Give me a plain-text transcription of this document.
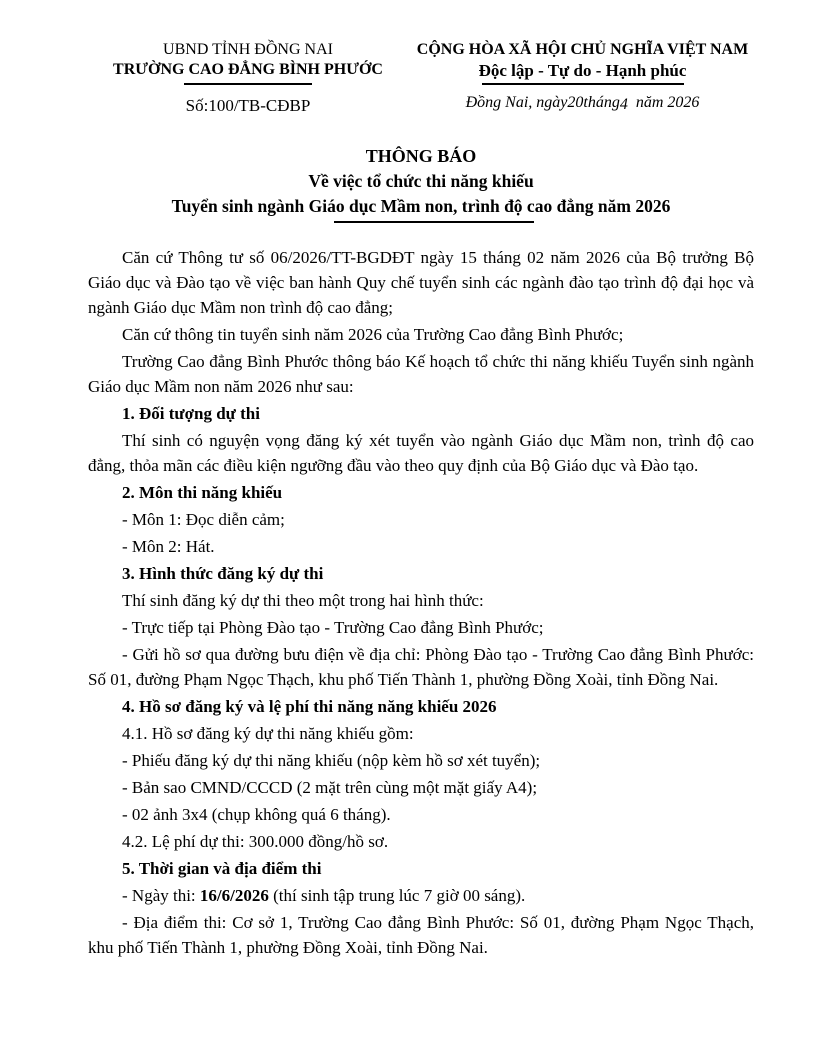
UBND TỈNH ĐỒNG NAI
TRƯỜNG CAO ĐẲNG BÌNH PHƯỚC
Số:100/TB-CĐBP
CỘNG HÒA XÃ HỘI CHỦ NGHĨA VIỆT NAM
Độc lập - Tự do - Hạnh phúc
Đồng Nai, ngày20tháng4 năm 2026
THÔNG BÁO
Về việc tổ chức thi năng khiếu
Tuyển sinh ngành Giáo dục Mầm non, trình độ cao đẳng năm 2026

Căn cứ Thông tư số 06/2026/TT-BGDĐT ngày 15 tháng 02 năm 2026 của Bộ trưởng Bộ Giáo dục và Đào tạo về việc ban hành Quy chế tuyển sinh các ngành đào tạo trình độ đại học và ngành Giáo dục Mầm non trình độ cao đẳng;

Căn cứ thông tin tuyển sinh năm 2026 của Trường Cao đẳng Bình Phước;

Trường Cao đẳng Bình Phước thông báo Kế hoạch tổ chức thi năng khiếu Tuyển sinh ngành Giáo dục Mầm non năm 2026 như sau:

1. Đối tượng dự thi

Thí sinh có nguyện vọng đăng ký xét tuyển vào ngành Giáo dục Mầm non, trình độ cao đẳng, thỏa mãn các điều kiện ngưỡng đầu vào theo quy định của Bộ Giáo dục và Đào tạo.

2. Môn thi năng khiếu

- Môn 1: Đọc diễn cảm;

- Môn 2: Hát.

3. Hình thức đăng ký dự thi

Thí sinh đăng ký dự thi theo một trong hai hình thức:

- Trực tiếp tại Phòng Đào tạo - Trường Cao đẳng Bình Phước;

- Gửi hồ sơ qua đường bưu điện về địa chỉ: Phòng Đào tạo - Trường Cao đẳng Bình Phước: Số 01, đường Phạm Ngọc Thạch, khu phố Tiến Thành 1, phường Đồng Xoài, tỉnh Đồng Nai.

4. Hồ sơ đăng ký và lệ phí thi năng năng khiếu 2026

4.1. Hồ sơ đăng ký dự thi năng khiếu gồm:

- Phiếu đăng ký dự thi năng khiếu (nộp kèm hồ sơ xét tuyển);

- Bản sao CMND/CCCD (2 mặt trên cùng một mặt giấy A4);

- 02 ảnh 3x4 (chụp không quá 6 tháng).

4.2. Lệ phí dự thi: 300.000 đồng/hồ sơ.

5. Thời gian và địa điểm thi

- Ngày thi: 16/6/2026 (thí sinh tập trung lúc 7 giờ 00 sáng).

- Địa điểm thi: Cơ sở 1, Trường Cao đẳng Bình Phước: Số 01, đường Phạm Ngọc Thạch, khu phố Tiến Thành 1, phường Đồng Xoài, tỉnh Đồng Nai.
